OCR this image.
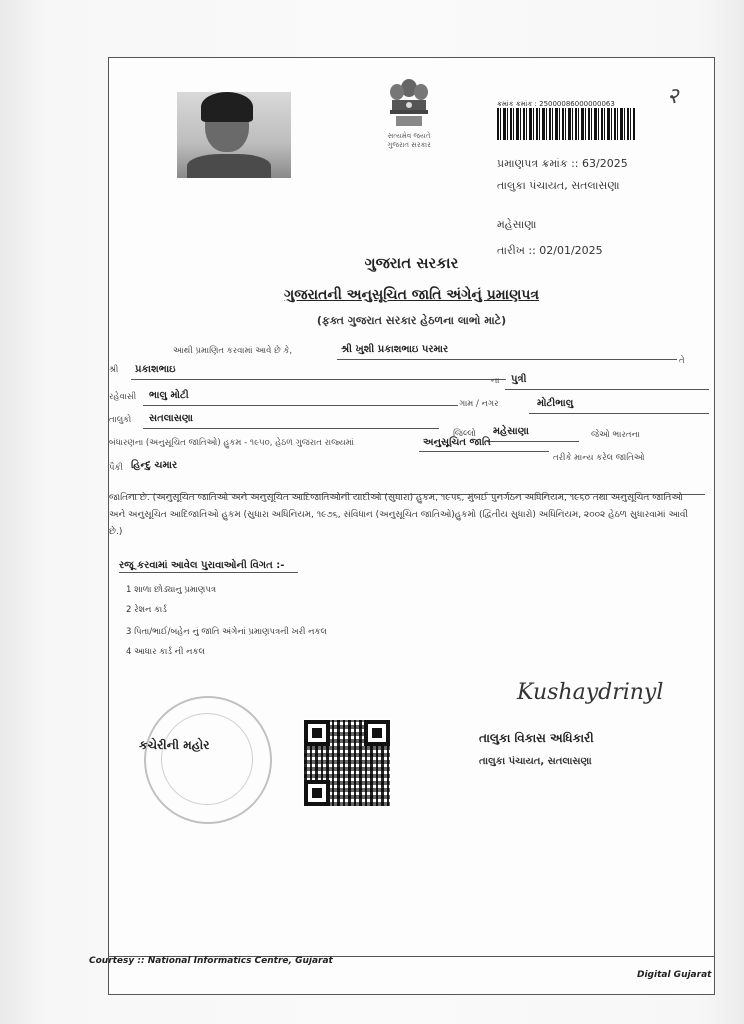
સત્યમેવ જયતે
ગુજરાત સરકાર
ક્રમાંક ક્રમાંક : 25000086000000063 २
પ્રમાણપત્ર ક્રમાંક :: 63/2025
તાલુકા પંચાયત, સતલાસણા
મહેસાણા
તારીખ :: 02/01/2025
ગુજરાત સરકાર
ગુજરાતની અનુસૂચિત જાતિ અંગેનું પ્રમાણપત્ર
(ફક્ત ગુજરાત સરકાર હેઠળના લાભો માટે)
આથી પ્રમાણિત કરવામાં આવે છે કે,	શ્રી ખુશી પ્રકાશભાઇ પરમાર
તે
શ્રી પ્રકાશભાઇ
ના પુત્રી
રહેવાસી ભાલુ મોટી
ગામ / નગર	મોટીભાલુ
તાલુકો સતલાસણા
જિલ્લો મહેસાણા	જેઓ ભારતના
બંધારણના (અનુસૂચિત જાતિઓ) હુકમ - ૧૯૫૦, હેઠળ ગુજરાત રાજ્યમાં	અનુસૂચિત જાતિ
તરીકે માન્ય કરેલ જાતિઓ
પૈકી હિન્દુ ચમાર
જાતિના છે. (અનુસૂચિત જાતિઓ અને અનુસૂચિત આદિજાતિઓની યાદીઓ (સુધારા) હુકમ, ૧૯૫૬, મુંબઈ પુનર્ગઠન અધિનિયમ, ૧૯૬૦ તથા અનુસૂચિત જાતિઓ અને અનુસૂચિત આદિજાતિઓ હુકમ (સુધારા અધિનિયમ, ૧૯૭૬, સંવિધાન (અનુસૂચિત જાતિઓ)હુકમો (દ્વિતીય સુધારો) અધિનિયમ, ૨૦૦૨ હેઠળ સુધારવામાં આવી છે.)
રજૂ કરવામાં આવેલ પુરાવાઓની વિગત :-
1 શાળા છોડ્યાનુ પ્રમાણપત્ર
2 રેશન કાર્ડ
3 પિતા/ભાઈ/બહેન નું જાતિ અંગેનાં પ્રમાણપત્રની ખરી નકલ
4 આધાર કાર્ડ ની નકલ
કચેરીની મહોર
Kushaydrinyl
તાલુકા વિકાસ અધિકારી
તાલુકા પંચાયત, સતલાસણા
Courtesy :: National Informatics Centre, Gujarat
Digital Gujarat
